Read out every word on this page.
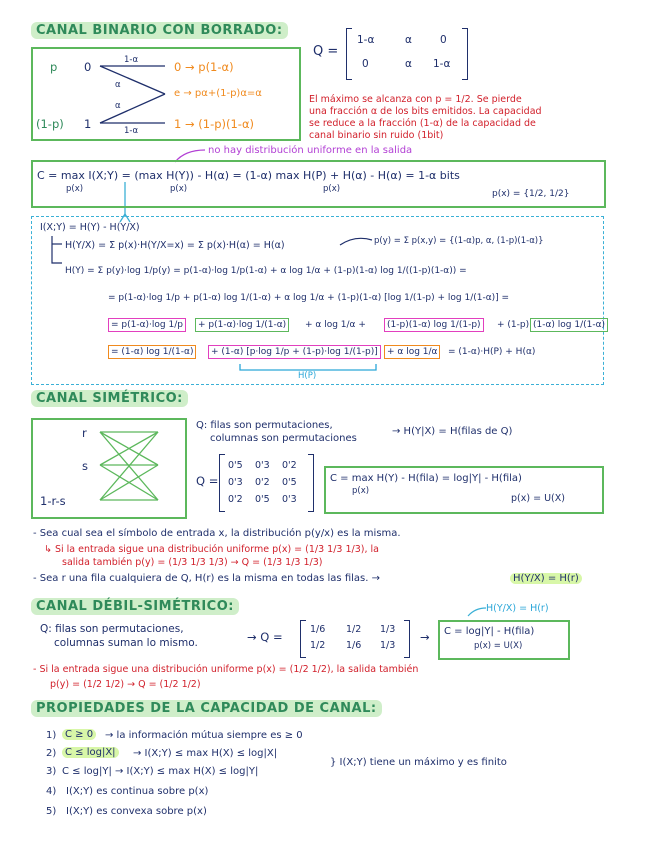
CANAL BINARIO CON BORRADO:
p 0
(1-p) 1
1-α
α
α
1-α
0 → p(1-α)
e → pα+(1-p)α=α
1 → (1-p)(1-α)
Q =
1-α	α	0
0	α 1-α
El máximo se alcanza con p = 1/2. Se pierde
una fracción α de los bits emitidos. La capacidad
se reduce a la fracción (1-α) de la capacidad de
canal binario sin ruido (1bit)
no hay distribución uniforme en la salida
C = max I(X;Y) = (max H(Y)) - H(α) = (1-α) max H(P) + H(α) - H(α) = 1-α bits
p(x)	p(x)	p(x)	p(x) = {1/2, 1/2}
I(X;Y) = H(Y) - H(Y/X)
H(Y/X) = Σ p(x)·H(Y/X=x) = Σ p(x)·H(α) = H(α)	p(y) = Σ p(x,y) = {(1-α)p, α, (1-p)(1-α)}
H(Y) = Σ p(y)·log 1/p(y) = p(1-α)·log 1/p(1-α) + α log 1/α + (1-p)(1-α) log 1/((1-p)(1-α)) =
= p(1-α)·log 1/p + p(1-α) log 1/(1-α) + α log 1/α + (1-p)(1-α) [log 1/(1-p) + log 1/(1-α)] =
= p(1-α)·log 1/p	+ p(1-α)·log 1/(1-α)	+ α log 1/α +	(1-p)(1-α) log 1/(1-p)	+ (1-p) (1-α) log 1/(1-α)
= (1-α) log 1/(1-α)	+ (1-α) [p·log 1/p + (1-p)·log 1/(1-p)]	+ α log 1/α	= (1-α)·H(P) + H(α)
H(P)
CANAL SIMÉTRICO:
r
s
1-r-s
Q: filas son permutaciones,
columnas son permutaciones
→ H(Y|X) = H(filas de Q)
Q =
0'5 0'3 0'2
0'3 0'2 0'5
0'2 0'5 0'3
C = max H(Y) - H(fila) = log|Y| - H(fila)
p(x)
p(x) = U(X)
- Sea cual sea el símbolo de entrada x, la distribución p(y/x) es la misma.
↳ Si la entrada sigue una distribución uniforme p(x) = (1/3 1/3 1/3), la
salida también p(y) = (1/3 1/3 1/3) → Q = (1/3 1/3 1/3)
- Sea r una fila cualquiera de Q, H(r) es la misma en todas las filas. →	H(Y/X) = H(r)
CANAL DÉBIL-SIMÉTRICO:	H(Y/X) = H(r)
Q: filas son permutaciones,
columnas suman lo mismo.	→ Q =
1/6 1/2 1/3
1/2 1/6 1/3
→ C = log|Y| - H(fila)
p(x) = U(X)
- Si la entrada sigue una distribución uniforme p(x) = (1/2 1/2), la salida también
p(y) = (1/2 1/2) → Q = (1/2 1/2)
PROPIEDADES DE LA CAPACIDAD DE CANAL:
1) C ≥ 0	→ la información mútua siempre es ≥ 0
2) C ≤ log|X|	→ I(X;Y) ≤ max H(X) ≤ log|X|
3) C ≤ log|Y| → I(X;Y) ≤ max H(X) ≤ log|Y|
} I(X;Y) tiene un máximo y es finito
4) I(X;Y) es continua sobre p(x)
5) I(X;Y) es convexa sobre p(x)
